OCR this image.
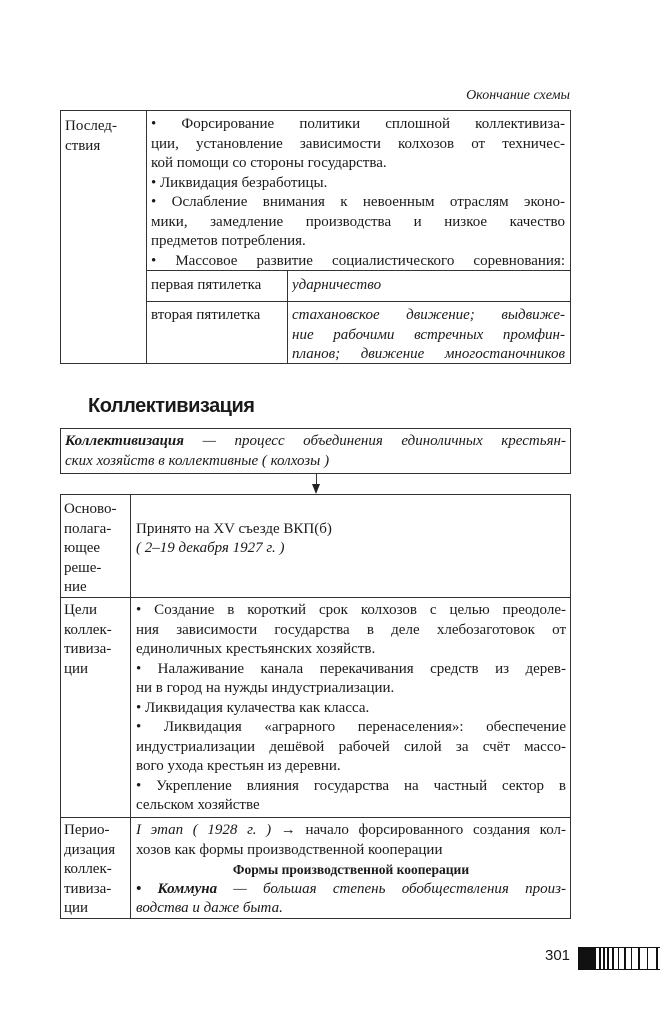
Окончание схемы
Послед-
ствия
• Форсирование политики сплошной коллективиза-
ции, установление зависимости колхозов от техничес-
кой помощи со стороны государства.
• Ликвидация безработицы.
• Ослабление внимания к невоенным отраслям эконо-
мики, замедление производства и низкое качество
предметов потребления.
• Массовое развитие социалистического соревнования:
первая пятилетка	ударничество
вторая пятилетка	стахановское движение; выдвиже-
ние рабочими встречных промфин-
планов; движение многостаночников
Коллективизация
Коллективизация — процесс объединения единоличных крестьян-
ских хозяйств в коллективные ( колхозы )
Осново-
полага-
ющее
реше-
ние

Принято на XV съезде ВКП(б)
( 2–19 декабря 1927 г. )
Цели
коллек-
тивиза-
ции
• Создание в короткий срок колхозов с целью преодоле-
ния зависимости государства в деле хлебозаготовок от
единоличных крестьянских хозяйств.
• Налаживание канала перекачивания средств из дерев-
ни в город на нужды индустриализации.
• Ликвидация кулачества как класса.
• Ликвидация «аграрного перенаселения»: обеспечение
индустриализации дешёвой рабочей силой за счёт массо-
вого ухода крестьян из деревни.
• Укрепление влияния государства на частный сектор в
сельском хозяйстве
Перио-
дизация
коллек-
тивиза-
ции
I этап ( 1928 г. ) → начало форсированного создания кол-
хозов как формы производственной кооперации
Формы производственной кооперации
• Коммуна — большая степень обобществления произ-
водства и даже быта.
301
